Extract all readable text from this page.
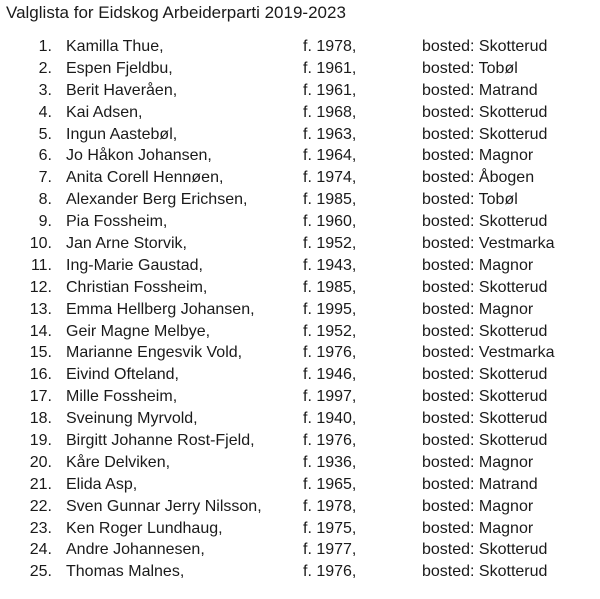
Valglista for Eidskog Arbeiderparti 2019-2023
1. Kamilla Thue,	f. 1978,	bosted: Skotterud
2. Espen Fjeldbu,	f. 1961,	bosted: Tobøl
3. Berit Haveråen,	f. 1961,	bosted: Matrand
4. Kai Adsen,	f. 1968,	bosted: Skotterud
5. Ingun Aastebøl,	f. 1963,	bosted: Skotterud
6. Jo Håkon Johansen,	f. 1964,	bosted: Magnor
7. Anita Corell Hennøen,	f. 1974,	bosted: Åbogen
8. Alexander Berg Erichsen,	f. 1985,	bosted: Tobøl
9. Pia Fossheim,	f. 1960,	bosted: Skotterud
10. Jan Arne Storvik,	f. 1952,	bosted: Vestmarka
11. Ing-Marie Gaustad,	f. 1943,	bosted: Magnor
12. Christian Fossheim,	f. 1985,	bosted: Skotterud
13. Emma Hellberg Johansen,	f. 1995,	bosted: Magnor
14. Geir Magne Melbye,	f. 1952,	bosted: Skotterud
15. Marianne Engesvik Vold,	f. 1976,	bosted: Vestmarka
16. Eivind Ofteland,	f. 1946,	bosted: Skotterud
17. Mille Fossheim,	f. 1997,	bosted: Skotterud
18. Sveinung Myrvold,	f. 1940,	bosted: Skotterud
19. Birgitt Johanne Rost-Fjeld,	f. 1976,	bosted: Skotterud
20. Kåre Delviken,	f. 1936,	bosted: Magnor
21. Elida Asp,	f. 1965,	bosted: Matrand
22. Sven Gunnar Jerry Nilsson,	f. 1978,	bosted: Magnor
23. Ken Roger Lundhaug,	f. 1975,	bosted: Magnor
24. Andre Johannesen,	f. 1977,	bosted: Skotterud
25. Thomas Malnes,	f. 1976,	bosted: Skotterud
